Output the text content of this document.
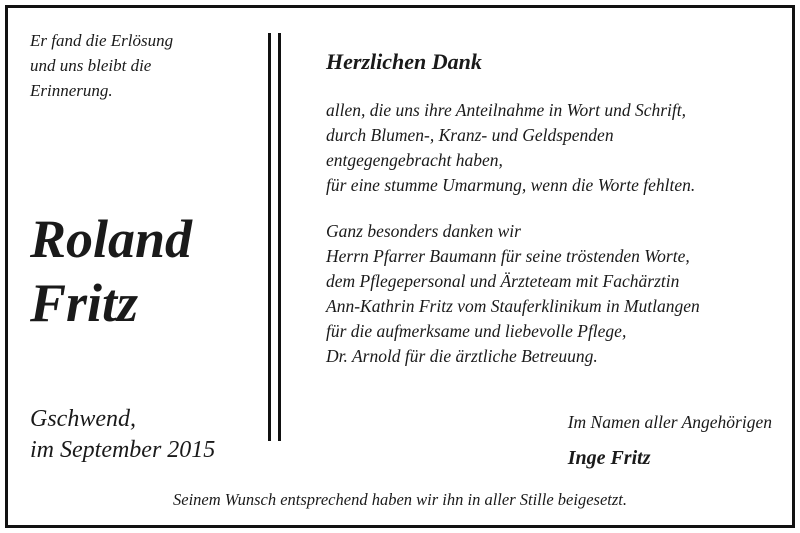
Er fand die Erlösung
und uns bleibt die
Erinnerung.
Roland
Fritz
Gschwend,
im September 2015
Herzlichen Dank
allen, die uns ihre Anteilnahme in Wort und Schrift,
durch Blumen-, Kranz- und Geldspenden
entgegengebracht haben,
für eine stumme Umarmung, wenn die Worte fehlten.
Ganz besonders danken wir
Herrn Pfarrer Baumann für seine tröstenden Worte,
dem Pflegepersonal und Ärzteteam mit Fachärztin
Ann-Kathrin Fritz vom Stauferklinikum in Mutlangen
für die aufmerksame und liebevolle Pflege,
Dr. Arnold für die ärztliche Betreuung.
Im Namen aller Angehörigen
Inge Fritz
Seinem Wunsch entsprechend haben wir ihn in aller Stille beigesetzt.
